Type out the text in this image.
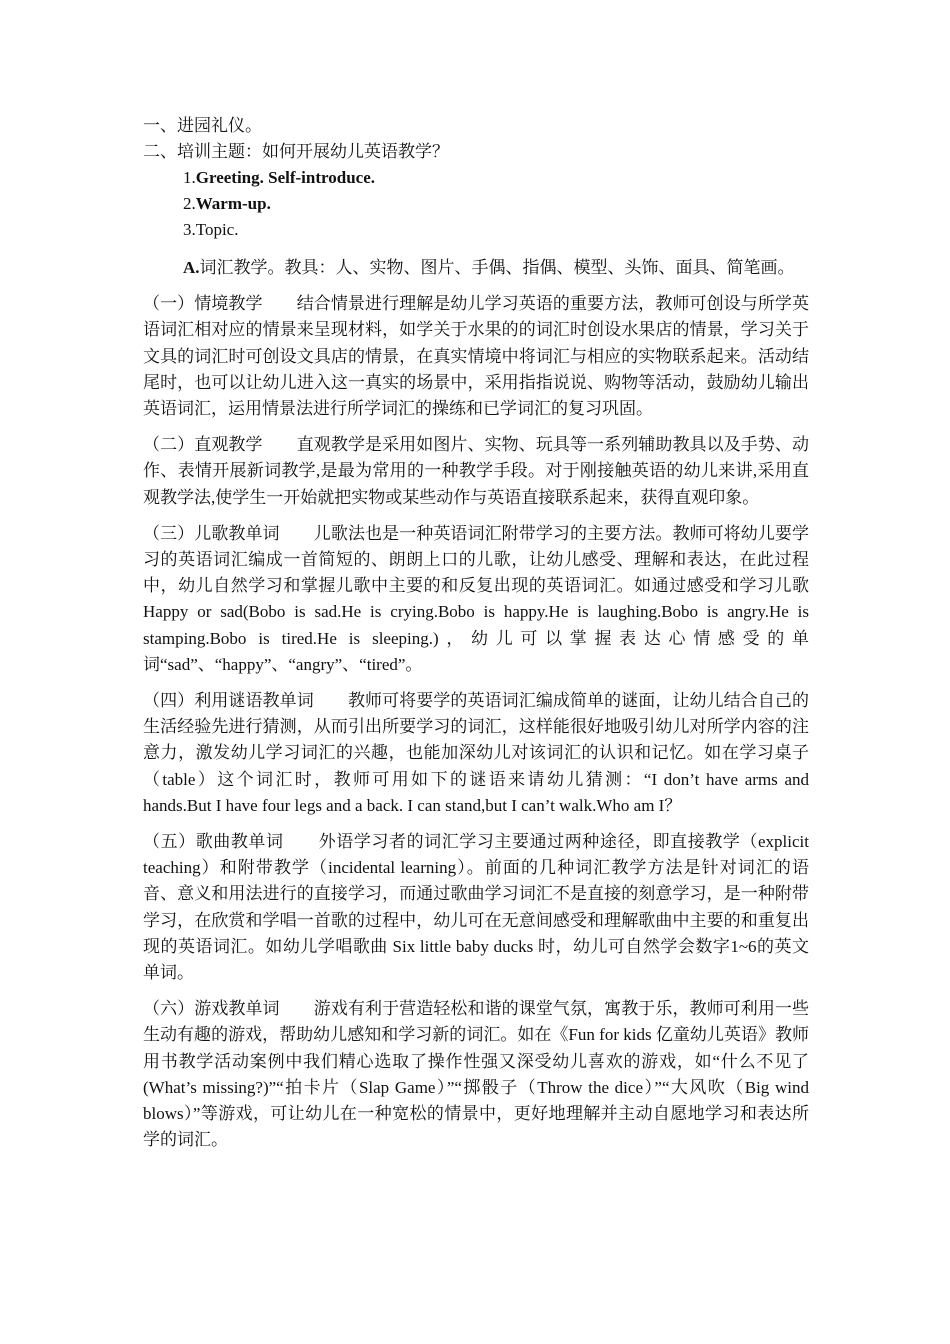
一、进园礼仪。
二、培训主题：如何开展幼儿英语教学？
1.Greeting. Self-introduce.
2.Warm-up.
3.Topic.
A.词汇教学。教具：人、实物、图片、手偶、指偶、模型、头饰、面具、简笔画。
（一）情境教学　　结合情景进行理解是幼儿学习英语的重要方法，教师可创设与所学英语词汇相对应的情景来呈现材料，如学关于水果的的词汇时创设水果店的情景，学习关于文具的词汇时可创设文具店的情景，在真实情境中将词汇与相应的实物联系起来。活动结尾时，也可以让幼儿进入这一真实的场景中，采用指指说说、购物等活动，鼓励幼儿输出英语词汇，运用情景法进行所学词汇的操练和已学词汇的复习巩固。
（二）直观教学　　直观教学是采用如图片、实物、玩具等一系列辅助教具以及手势、动作、表情开展新词教学,是最为常用的一种教学手段。对于刚接触英语的幼儿来讲,采用直观教学法,使学生一开始就把实物或某些动作与英语直接联系起来，获得直观印象。
（三）儿歌教单词　　儿歌法也是一种英语词汇附带学习的主要方法。教师可将幼儿要学习的英语词汇编成一首简短的、朗朗上口的儿歌，让幼儿感受、理解和表达，在此过程中，幼儿自然学习和掌握儿歌中主要的和反复出现的英语词汇。如通过感受和学习儿歌 Happy or sad(Bobo is sad.He is crying.Bobo is happy.He is laughing.Bobo is angry.He is stamping.Bobo is tired.He is sleeping.)，幼儿可以掌握表达心情感受的单词“sad”、“happy”、“angry”、“tired”。
（四）利用谜语教单词　　教师可将要学的英语词汇编成简单的谜面，让幼儿结合自己的生活经验先进行猜测，从而引出所要学习的词汇，这样能很好地吸引幼儿对所学内容的注意力，激发幼儿学习词汇的兴趣，也能加深幼儿对该词汇的认识和记忆。如在学习桌子（table）这个词汇时，教师可用如下的谜语来请幼儿猜测：“I don’t have arms and hands.But I have four legs and a back. I can stand,but I can’t walk.Who am I？
（五）歌曲教单词　　外语学习者的词汇学习主要通过两种途径，即直接教学（explicit teaching）和附带教学（incidental learning）。前面的几种词汇教学方法是针对词汇的语音、意义和用法进行的直接学习，而通过歌曲学习词汇不是直接的刻意学习，是一种附带学习，在欣赏和学唱一首歌的过程中，幼儿可在无意间感受和理解歌曲中主要的和重复出现的英语词汇。如幼儿学唱歌曲 Six little baby ducks 时，幼儿可自然学会数字1~6的英文单词。
（六）游戏教单词　　游戏有利于营造轻松和谐的课堂气氛，寓教于乐，教师可利用一些生动有趣的游戏，帮助幼儿感知和学习新的词汇。如在《Fun for kids 亿童幼儿英语》教师用书教学活动案例中我们精心选取了操作性强又深受幼儿喜欢的游戏，如“什么不见了(What’s missing?)”“拍卡片（Slap Game）”“掷骰子（Throw the dice）”“大风吹（Big wind blows）”等游戏，可让幼儿在一种宽松的情景中，更好地理解并主动自愿地学习和表达所学的词汇。
